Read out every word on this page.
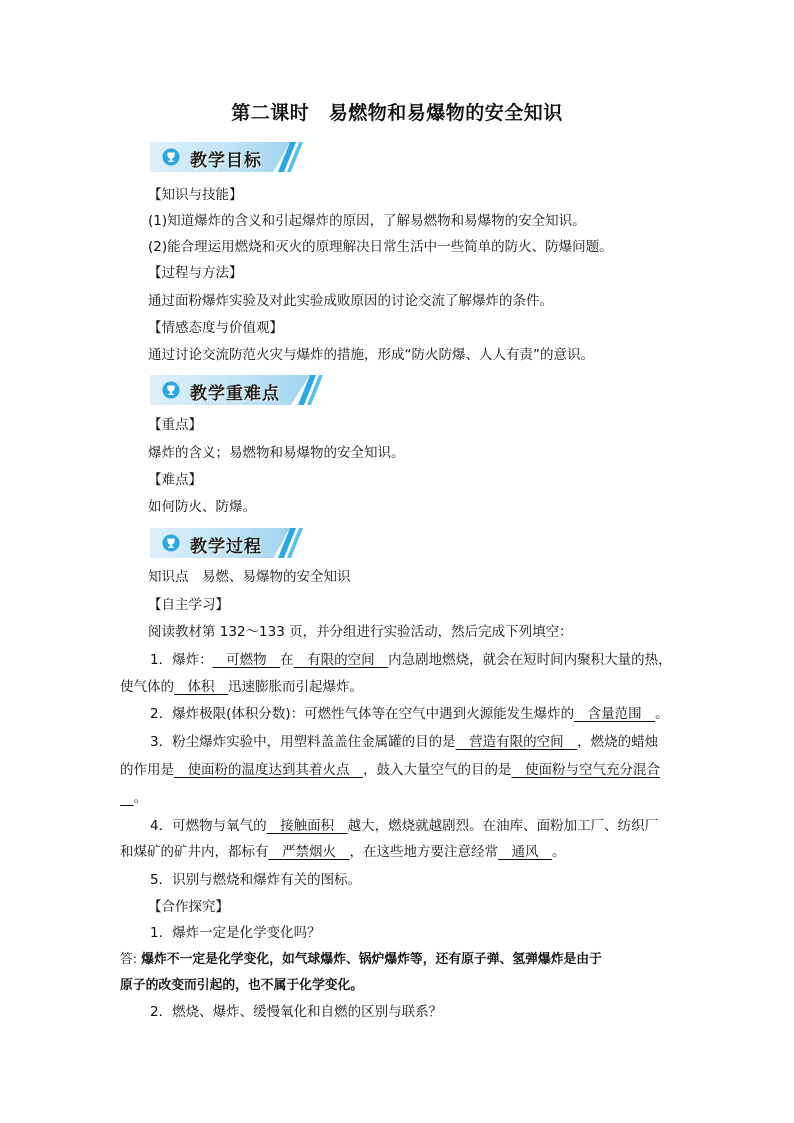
第二课时　易燃物和易爆物的安全知识
教学目标
【知识与技能】
(1)知道爆炸的含义和引起爆炸的原因，了解易燃物和易爆物的安全知识。
(2)能合理运用燃烧和灭火的原理解决日常生活中一些简单的防火、防爆问题。
【过程与方法】
通过面粉爆炸实验及对此实验成败原因的讨论交流了解爆炸的条件。
【情感态度与价值观】
通过讨论交流防范火灾与爆炸的措施，形成“防火防爆、人人有责”的意识。
教学重难点
【重点】
爆炸的含义；易燃物和易爆物的安全知识。
【难点】
如何防火、防爆。
教学过程
知识点　易燃、易爆物的安全知识
【自主学习】
阅读教材第 132～133 页，并分组进行实验活动，然后完成下列填空：
1．爆炸：　可燃物　在　有限的空间　内急剧地燃烧，就会在短时间内聚积大量的热，
使气体的　体积　迅速膨胀而引起爆炸。
2．爆炸极限(体积分数)：可燃性气体等在空气中遇到火源能发生爆炸的　含量范围　。
3．粉尘爆炸实验中，用塑料盖盖住金属罐的目的是　营造有限的空间　，燃烧的蜡烛
的作用是　使面粉的温度达到其着火点　，鼓入大量空气的目的是　使面粉与空气充分混合
　。
4．可燃物与氧气的　接触面积　越大，燃烧就越剧烈。在油库、面粉加工厂、纺织厂
和煤矿的矿井内，都标有　严禁烟火　，在这些地方要注意经常　通风　。
5．识别与燃烧和爆炸有关的图标。
【合作探究】
1．爆炸一定是化学变化吗？
答: 爆炸不一定是化学变化，如气球爆炸、锅炉爆炸等，还有原子弹、氢弹爆炸是由于
原子的改变而引起的，也不属于化学变化。
2．燃烧、爆炸、缓慢氧化和自燃的区别与联系？
